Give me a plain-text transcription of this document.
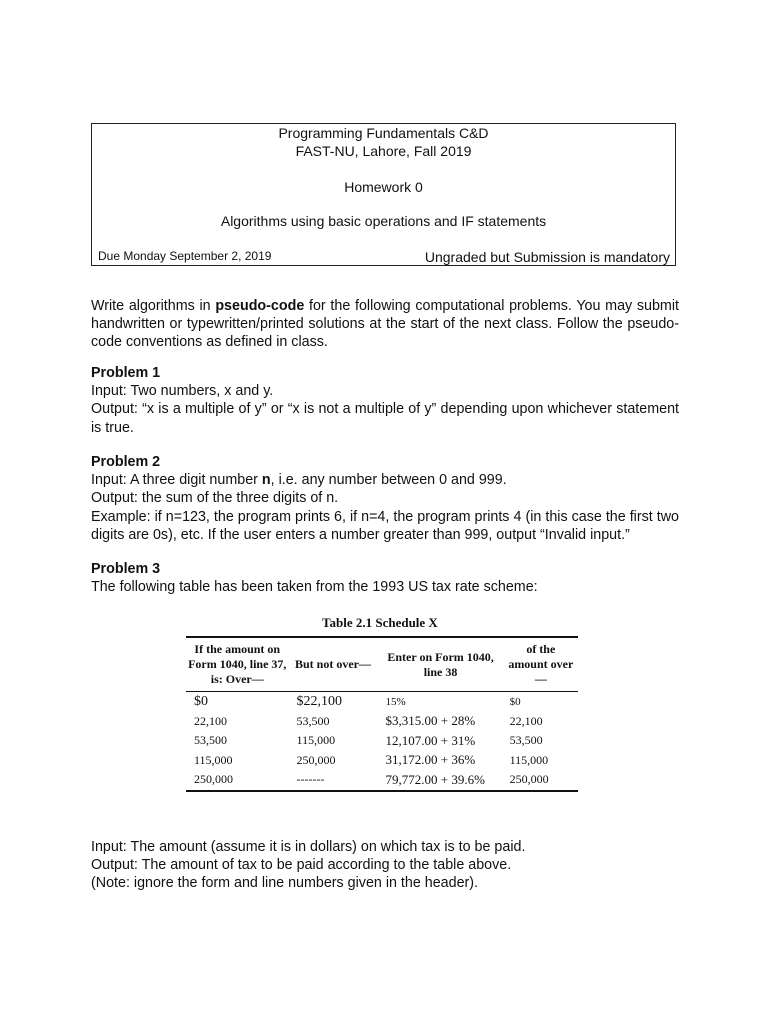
Programming Fundamentals C&D
FAST-NU, Lahore, Fall 2019
Homework 0
Algorithms using basic operations and IF statements
Due Monday September 2, 2019	Ungraded but Submission is mandatory

Write algorithms in pseudo-code for the following computational problems. You may submit handwritten or typewritten/printed solutions at the start of the next class. Follow the pseudo-code conventions as defined in class.

Problem 1

Input: Two numbers, x and y.

Output: “x is a multiple of y” or “x is not a multiple of y” depending upon whichever statement is true.

Problem 2

Input: A three digit number n, i.e. any number between 0 and 999.

Output: the sum of the three digits of n.

Example: if n=123, the program prints 6, if n=4, the program prints 4 (in this case the first two digits are 0s), etc. If the user enters a number greater than 999, output “Invalid input.”

Problem 3

The following table has been taken from the 1993 US tax rate scheme:

Table 2.1 Schedule X
If the amount on Form 1040, line 37, is: Over—	But not over—	Enter on Form 1040, line 38	of the amount over—
$0	$22,100	15%	$0
22,100	53,500	$3,315.00 + 28%	22,100
53,500	115,000	12,107.00 + 31%	53,500
115,000	250,000	31,172.00 + 36%	115,000
250,000	-------	79,772.00 + 39.6%	250,000

Input: The amount (assume it is in dollars) on which tax is to be paid.

Output: The amount of tax to be paid according to the table above.

(Note: ignore the form and line numbers given in the header).
